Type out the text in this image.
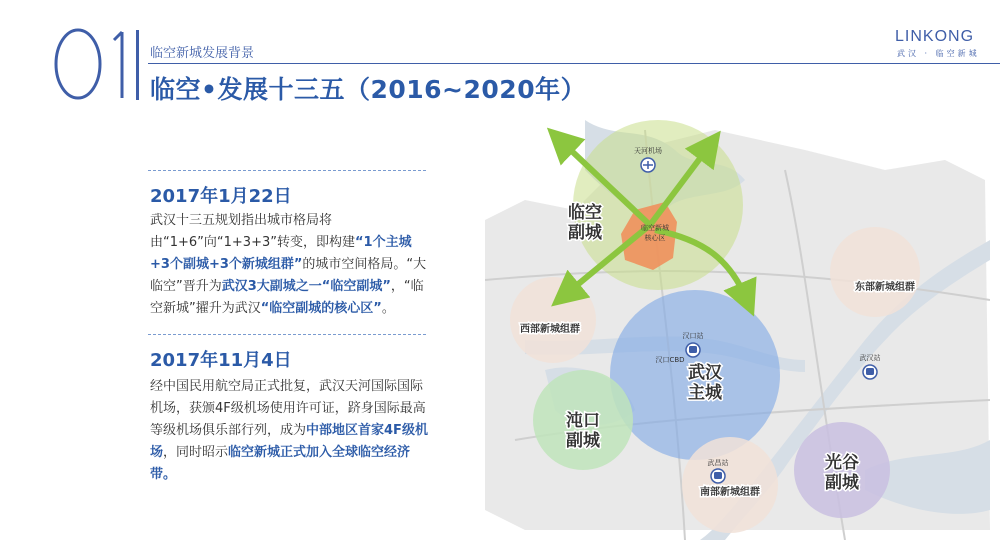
临空新城发展背景
临空•发展十三五（2016~2020年）
LINKONG
武汉 · 临空新城
2017年1月22日
武汉十三五规划指出城市格局将由“1+6”向“1+3+3”转变，即构建“1个主城+3个副城+3个新城组群”的城市空间格局。“大临空”晋升为武汉3大副城之一“临空副城”，“临空新城”擢升为武汉“临空副城的核心区”。
2017年11月4日
经中国民用航空局正式批复，武汉天河国际国际机场，获颁4F级机场使用许可证，跻身国际最高等级机场俱乐部行列，成为中部地区首家4F级机场，同时昭示临空新城正式加入全球临空经济带。
天河机场
临空新城
核心区
汉口站
汉口CBD	武汉站
武昌站
临空
副城
武汉
主城
沌口
副城
光谷
副城
东部新城组群
西部新城组群
南部新城组群
